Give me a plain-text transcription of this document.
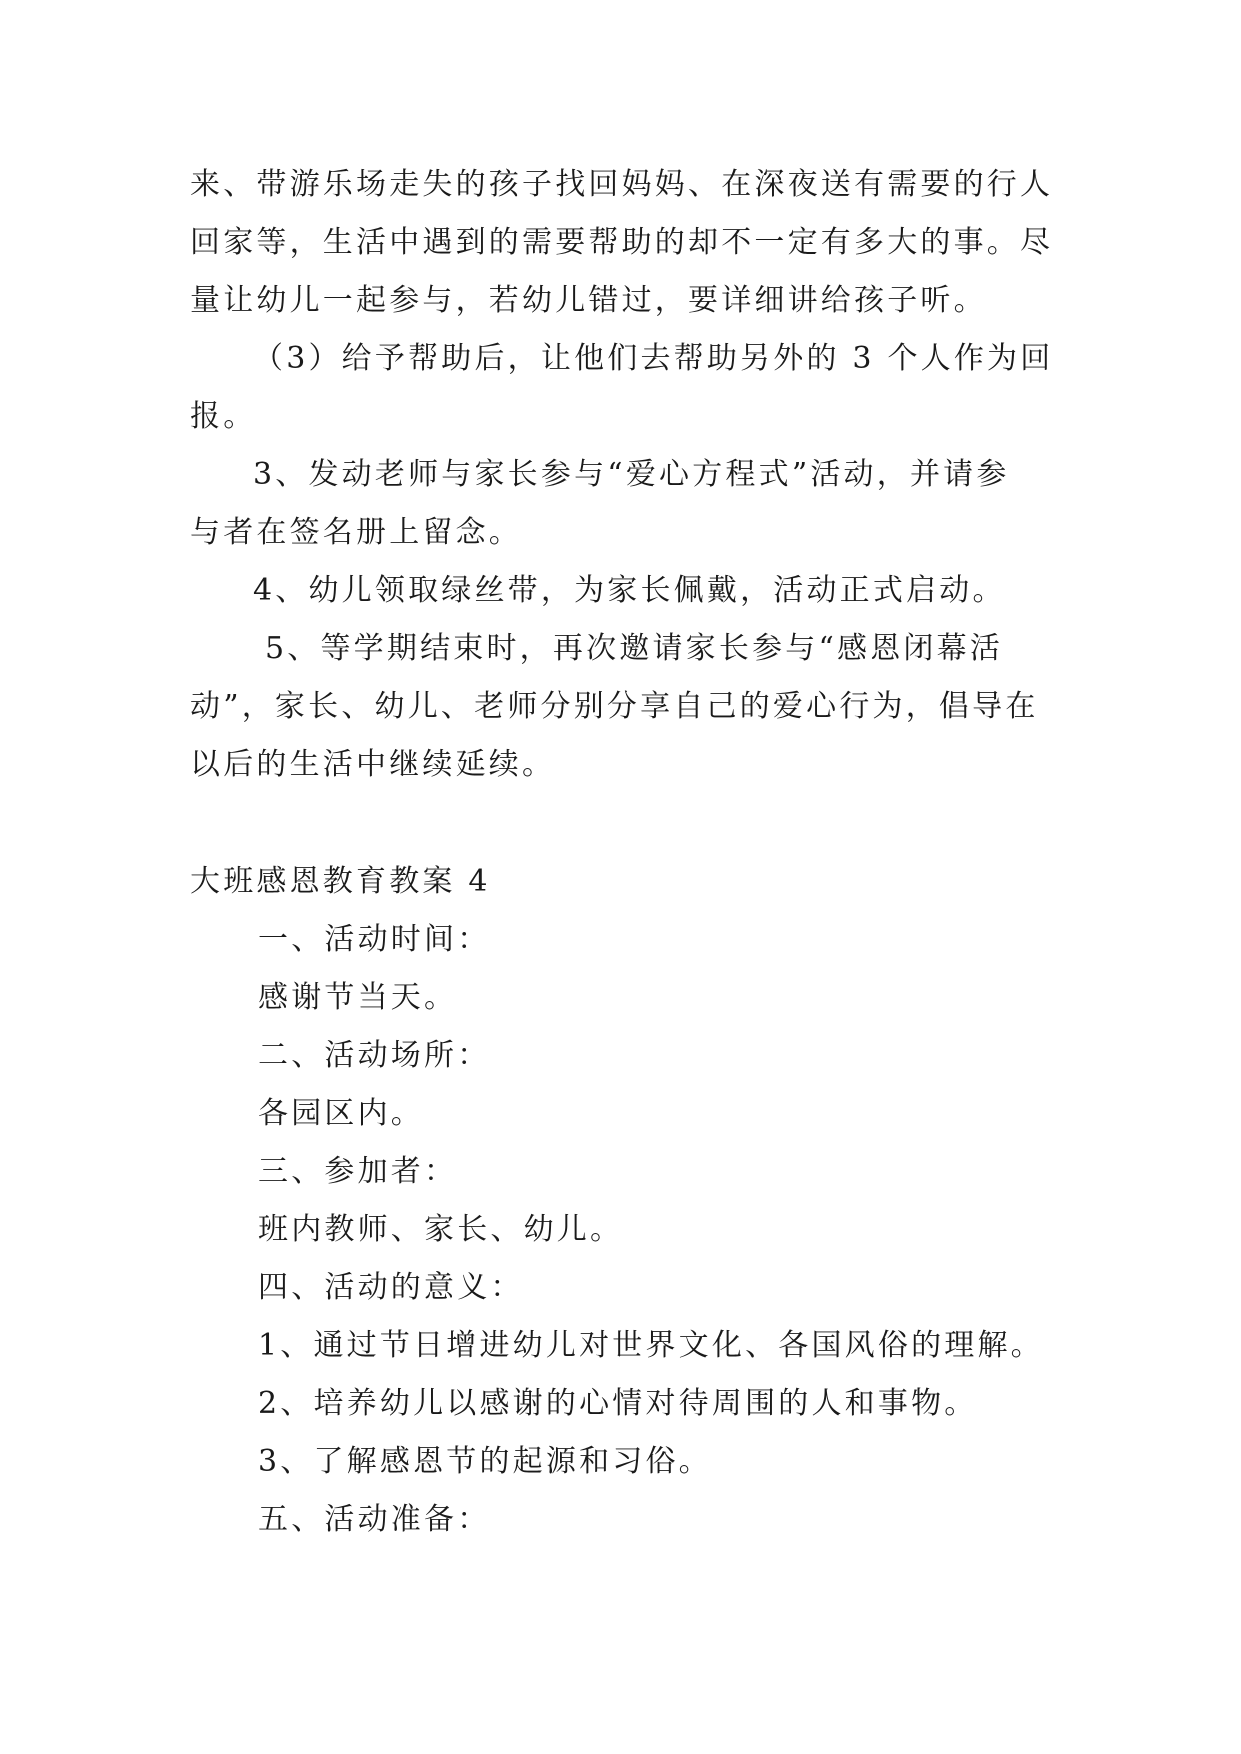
来、带游乐场走失的孩子找回妈妈、在深夜送有需要的行人
回家等，生活中遇到的需要帮助的却不一定有多大的事。尽
量让幼儿一起参与，若幼儿错过，要详细讲给孩子听。
（3）给予帮助后，让他们去帮助另外的 3 个人作为回
报。
3、发动老师与家长参与“爱心方程式”活动，并请参
与者在签名册上留念。
4、幼儿领取绿丝带，为家长佩戴，活动正式启动。
5、等学期结束时，再次邀请家长参与“感恩闭幕活
动”，家长、幼儿、老师分别分享自己的爱心行为，倡导在
以后的生活中继续延续。
大班感恩教育教案 4
一、活动时间：
感谢节当天。
二、活动场所：
各园区内。
三、参加者：
班内教师、家长、幼儿。
四、活动的意义：
1、通过节日增进幼儿对世界文化、各国风俗的理解。
2、培养幼儿以感谢的心情对待周围的人和事物。
3、了解感恩节的起源和习俗。
五、活动准备：
